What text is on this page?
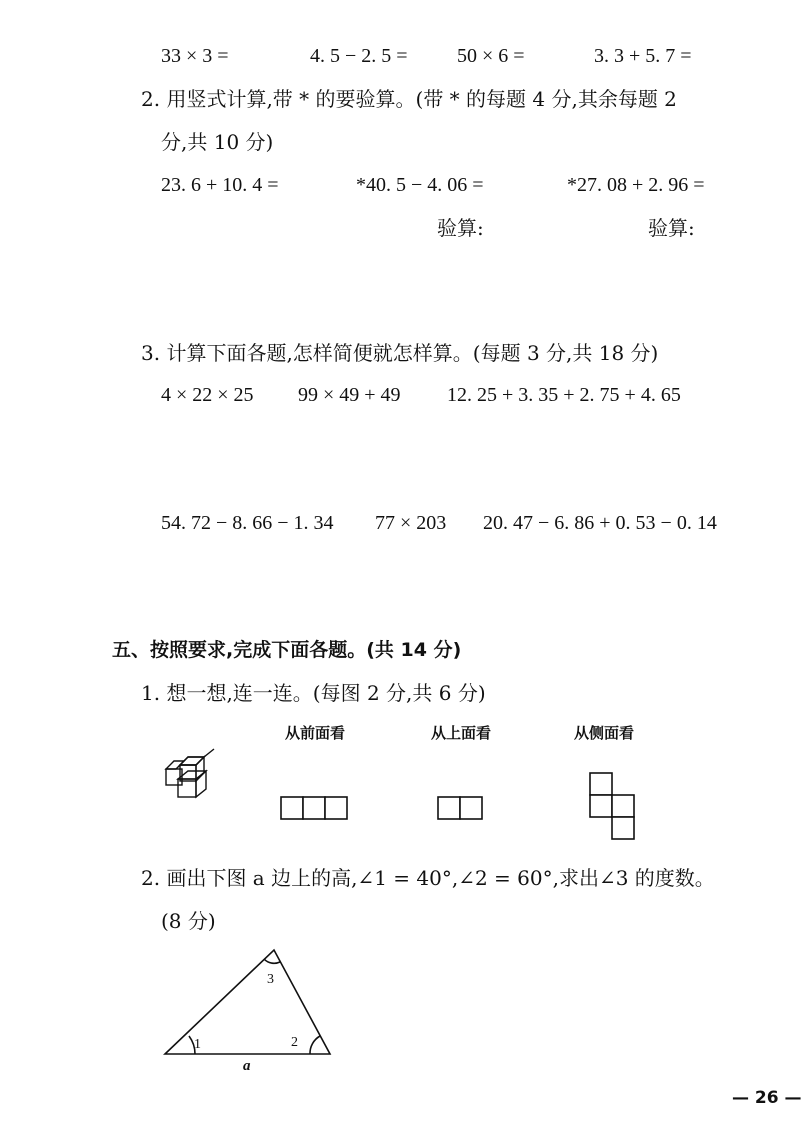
33 × 3 =	4. 5 − 2. 5 = 50 × 6 =	3. 3 + 5. 7 =
2. 用竖式计算,带 * 的要验算。(带 * 的每题 4 分,其余每题 2
分,共 10 分)
23. 6 + 10. 4 =	*40. 5 − 4. 06 =	*27. 08 + 2. 96 =
验算:	验算:
3. 计算下面各题,怎样简便就怎样算。(每题 3 分,共 18 分)
4 × 22 × 25 99 × 49 + 49 12. 25 + 3. 35 + 2. 75 + 4. 65
54. 72 − 8. 66 − 1. 34 77 × 203 20. 47 − 6. 86 + 0. 53 − 0. 14
五、按照要求,完成下面各题。(共 14 分)
1. 想一想,连一连。(每图 2 分,共 6 分)
从前面看	从上面看	从侧面看
2. 画出下图 a 边上的高,∠1 = 40°,∠2 = 60°,求出∠3 的度数。
(8 分)
1	2
3
a
— 26 —
